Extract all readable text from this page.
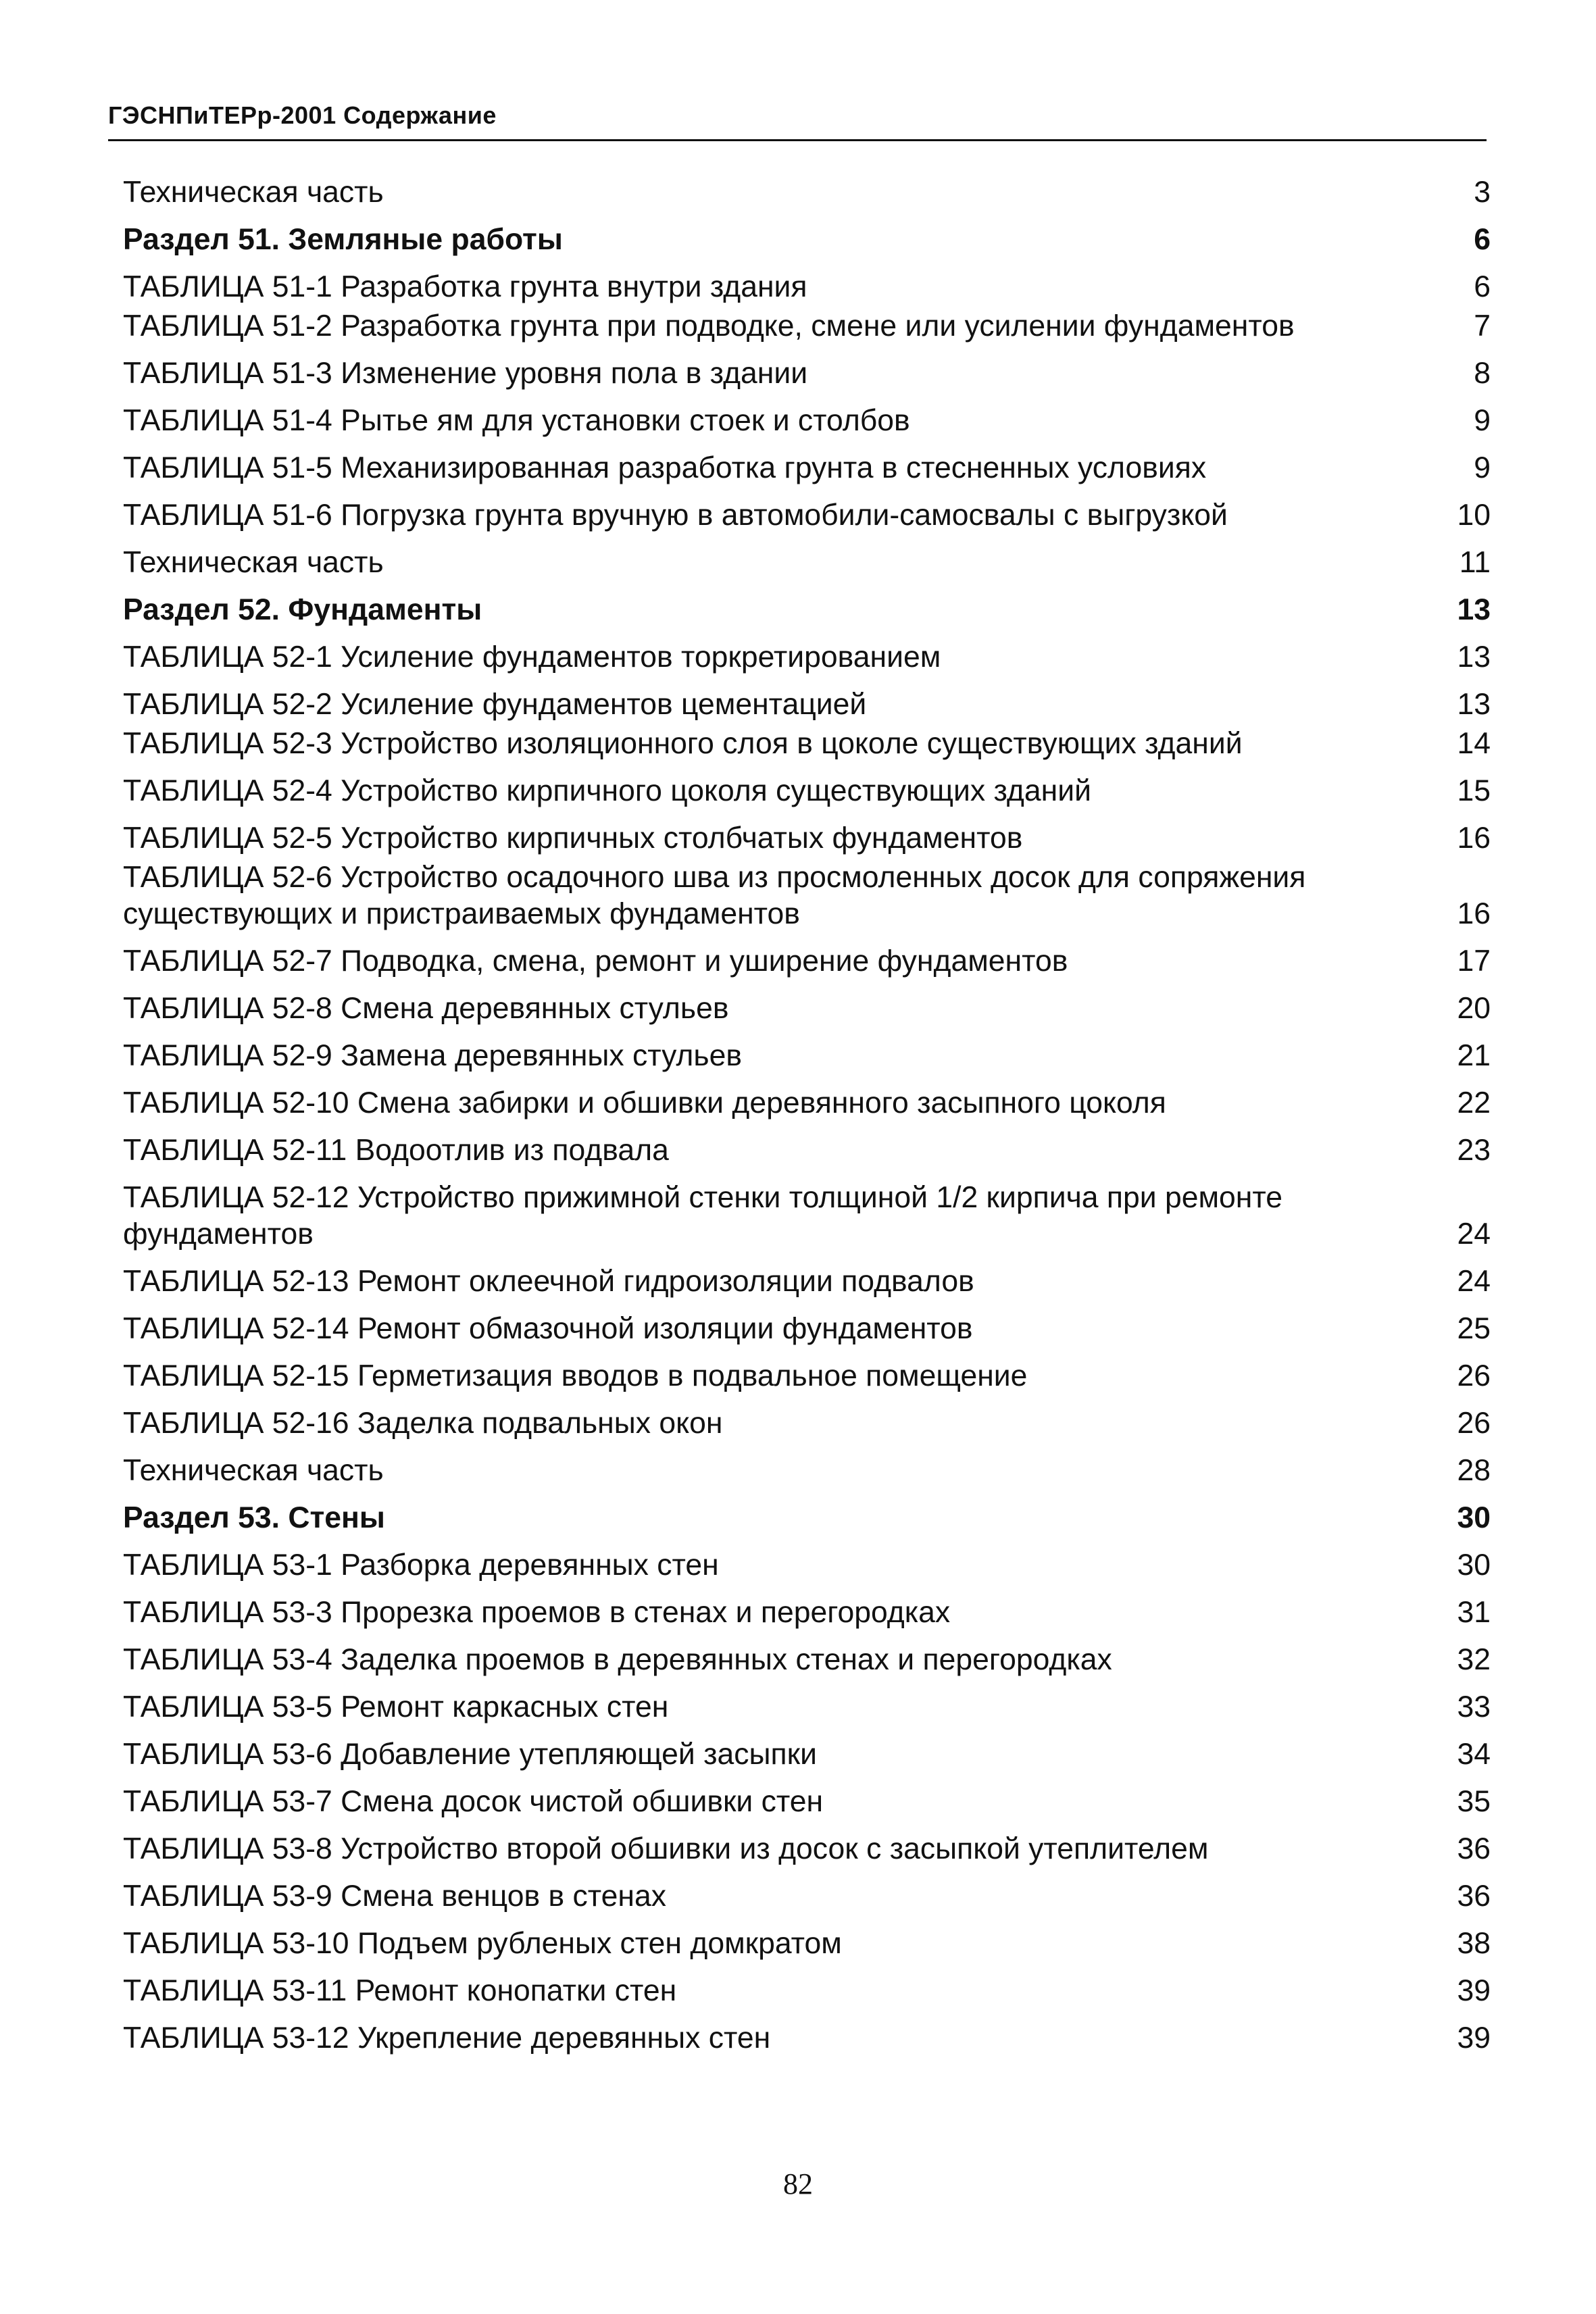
ГЭСНПиТЕРр-2001 Содержание
Техническая часть	3
Раздел 51. Земляные работы	6
ТАБЛИЦА 51-1 Разработка грунта внутри здания	6
ТАБЛИЦА 51-2 Разработка грунта при подводке, смене или усилении фундаментов	7
ТАБЛИЦА 51-3 Изменение уровня пола в здании	8
ТАБЛИЦА 51-4 Рытье ям для установки стоек и столбов	9
ТАБЛИЦА 51-5 Механизированная разработка грунта в стесненных условиях	9
ТАБЛИЦА 51-6 Погрузка грунта вручную в автомобили-самосвалы с выгрузкой	10
Техническая часть	11
Раздел 52. Фундаменты	13
ТАБЛИЦА 52-1 Усиление фундаментов торкретированием	13
ТАБЛИЦА 52-2 Усиление фундаментов цементацией	13
ТАБЛИЦА 52-3 Устройство изоляционного слоя в цоколе существующих зданий	14
ТАБЛИЦА 52-4 Устройство кирпичного цоколя существующих зданий	15
ТАБЛИЦА 52-5 Устройство кирпичных столбчатых фундаментов	16
ТАБЛИЦА 52-6 Устройство осадочного шва из просмоленных досок для сопряжения существующих и пристраиваемых фундаментов	16
ТАБЛИЦА 52-7 Подводка, смена, ремонт и уширение фундаментов	17
ТАБЛИЦА 52-8 Смена деревянных стульев	20
ТАБЛИЦА 52-9 Замена деревянных стульев	21
ТАБЛИЦА 52-10 Смена забирки и обшивки деревянного засыпного цоколя	22
ТАБЛИЦА 52-11 Водоотлив из подвала	23
ТАБЛИЦА 52-12 Устройство прижимной стенки толщиной 1/2 кирпича при ремонте фундаментов	24
ТАБЛИЦА 52-13 Ремонт оклеечной гидроизоляции подвалов	24
ТАБЛИЦА 52-14 Ремонт обмазочной изоляции фундаментов	25
ТАБЛИЦА 52-15 Герметизация вводов в подвальное помещение	26
ТАБЛИЦА 52-16 Заделка подвальных окон	26
Техническая часть	28
Раздел 53. Стены	30
ТАБЛИЦА 53-1 Разборка деревянных стен	30
ТАБЛИЦА 53-3 Прорезка проемов в стенах и перегородках	31
ТАБЛИЦА 53-4 Заделка проемов в деревянных стенах и перегородках	32
ТАБЛИЦА 53-5 Ремонт каркасных стен	33
ТАБЛИЦА 53-6 Добавление утепляющей засыпки	34
ТАБЛИЦА 53-7 Смена досок чистой обшивки стен	35
ТАБЛИЦА 53-8 Устройство второй обшивки из досок с засыпкой утеплителем	36
ТАБЛИЦА 53-9 Смена венцов в стенах	36
ТАБЛИЦА 53-10 Подъем рубленых стен домкратом	38
ТАБЛИЦА 53-11 Ремонт конопатки стен	39
ТАБЛИЦА 53-12 Укрепление деревянных стен	39
82
